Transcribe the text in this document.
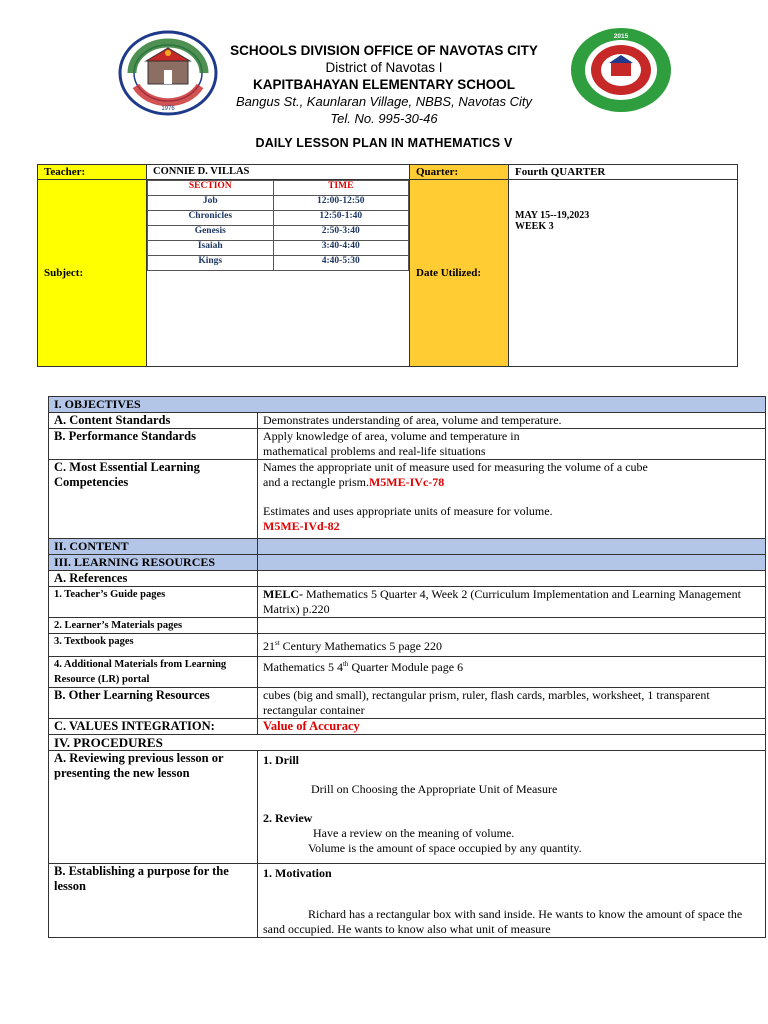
1976
SCHOOLS DIVISION OFFICE OF NAVOTAS CITY
District of Navotas I
KAPITBAHAYAN ELEMENTARY SCHOOL
Bangus St., Kaunlaran Village, NBBS, Navotas City
Tel. No. 995-30-46
2015
DAILY LESSON PLAN IN MATHEMATICS V
Teacher:	CONNIE D. VILLAS	Quarter:	Fourth QUARTER
Subject:	
SECTION	TIME
Job	12:00-12:50
Chronicles	12:50-1:40
Genesis	2:50-3:40
Isaiah	3:40-4:40
Kings	4:40-5:30
	Date Utilized:	
MAY 15--19,2023
WEEK 3
I. OBJECTIVES	
A. Content Standards	Demonstrates understanding of area, volume and temperature.
B. Performance Standards	Apply knowledge of area, volume and temperature in
mathematical problems and real-life situations

C. Most Essential Learning Competencies	Names the appropriate unit of measure used for measuring the volume of a cube
and a rectangle prism.M5ME-IVc-78
Estimates and uses appropriate units of measure for volume.
M5ME-IVd-82

II. CONTENT	
III. LEARNING RESOURCES	
A. References	
1. Teacher’s Guide pages	MELC- Mathematics 5 Quarter 4, Week 2 (Curriculum Implementation and Learning Management Matrix) p.220
2. Learner’s Materials pages	
3. Textbook pages	21st Century Mathematics 5 page 220
4. Additional Materials from Learning Resource (LR) portal	Mathematics 5 4th Quarter Module page 6
B. Other Learning Resources	cubes (big and small), rectangular prism, ruler, flash cards, marbles, worksheet, 1 transparent rectangular container
C. VALUES INTEGRATION:	Value of Accuracy
IV. PROCEDURES	
A. Reviewing previous lesson or presenting the new lesson	1. Drill
Drill on Choosing the Appropriate Unit of Measure
2. Review
Have a review on the meaning of volume.
Volume is the amount of space occupied by any quantity.

B. Establishing a purpose for the lesson	1. Motivation
Richard has a rectangular box with sand inside. He wants to know the amount of space the sand occupied. He wants to know also what unit of measure
